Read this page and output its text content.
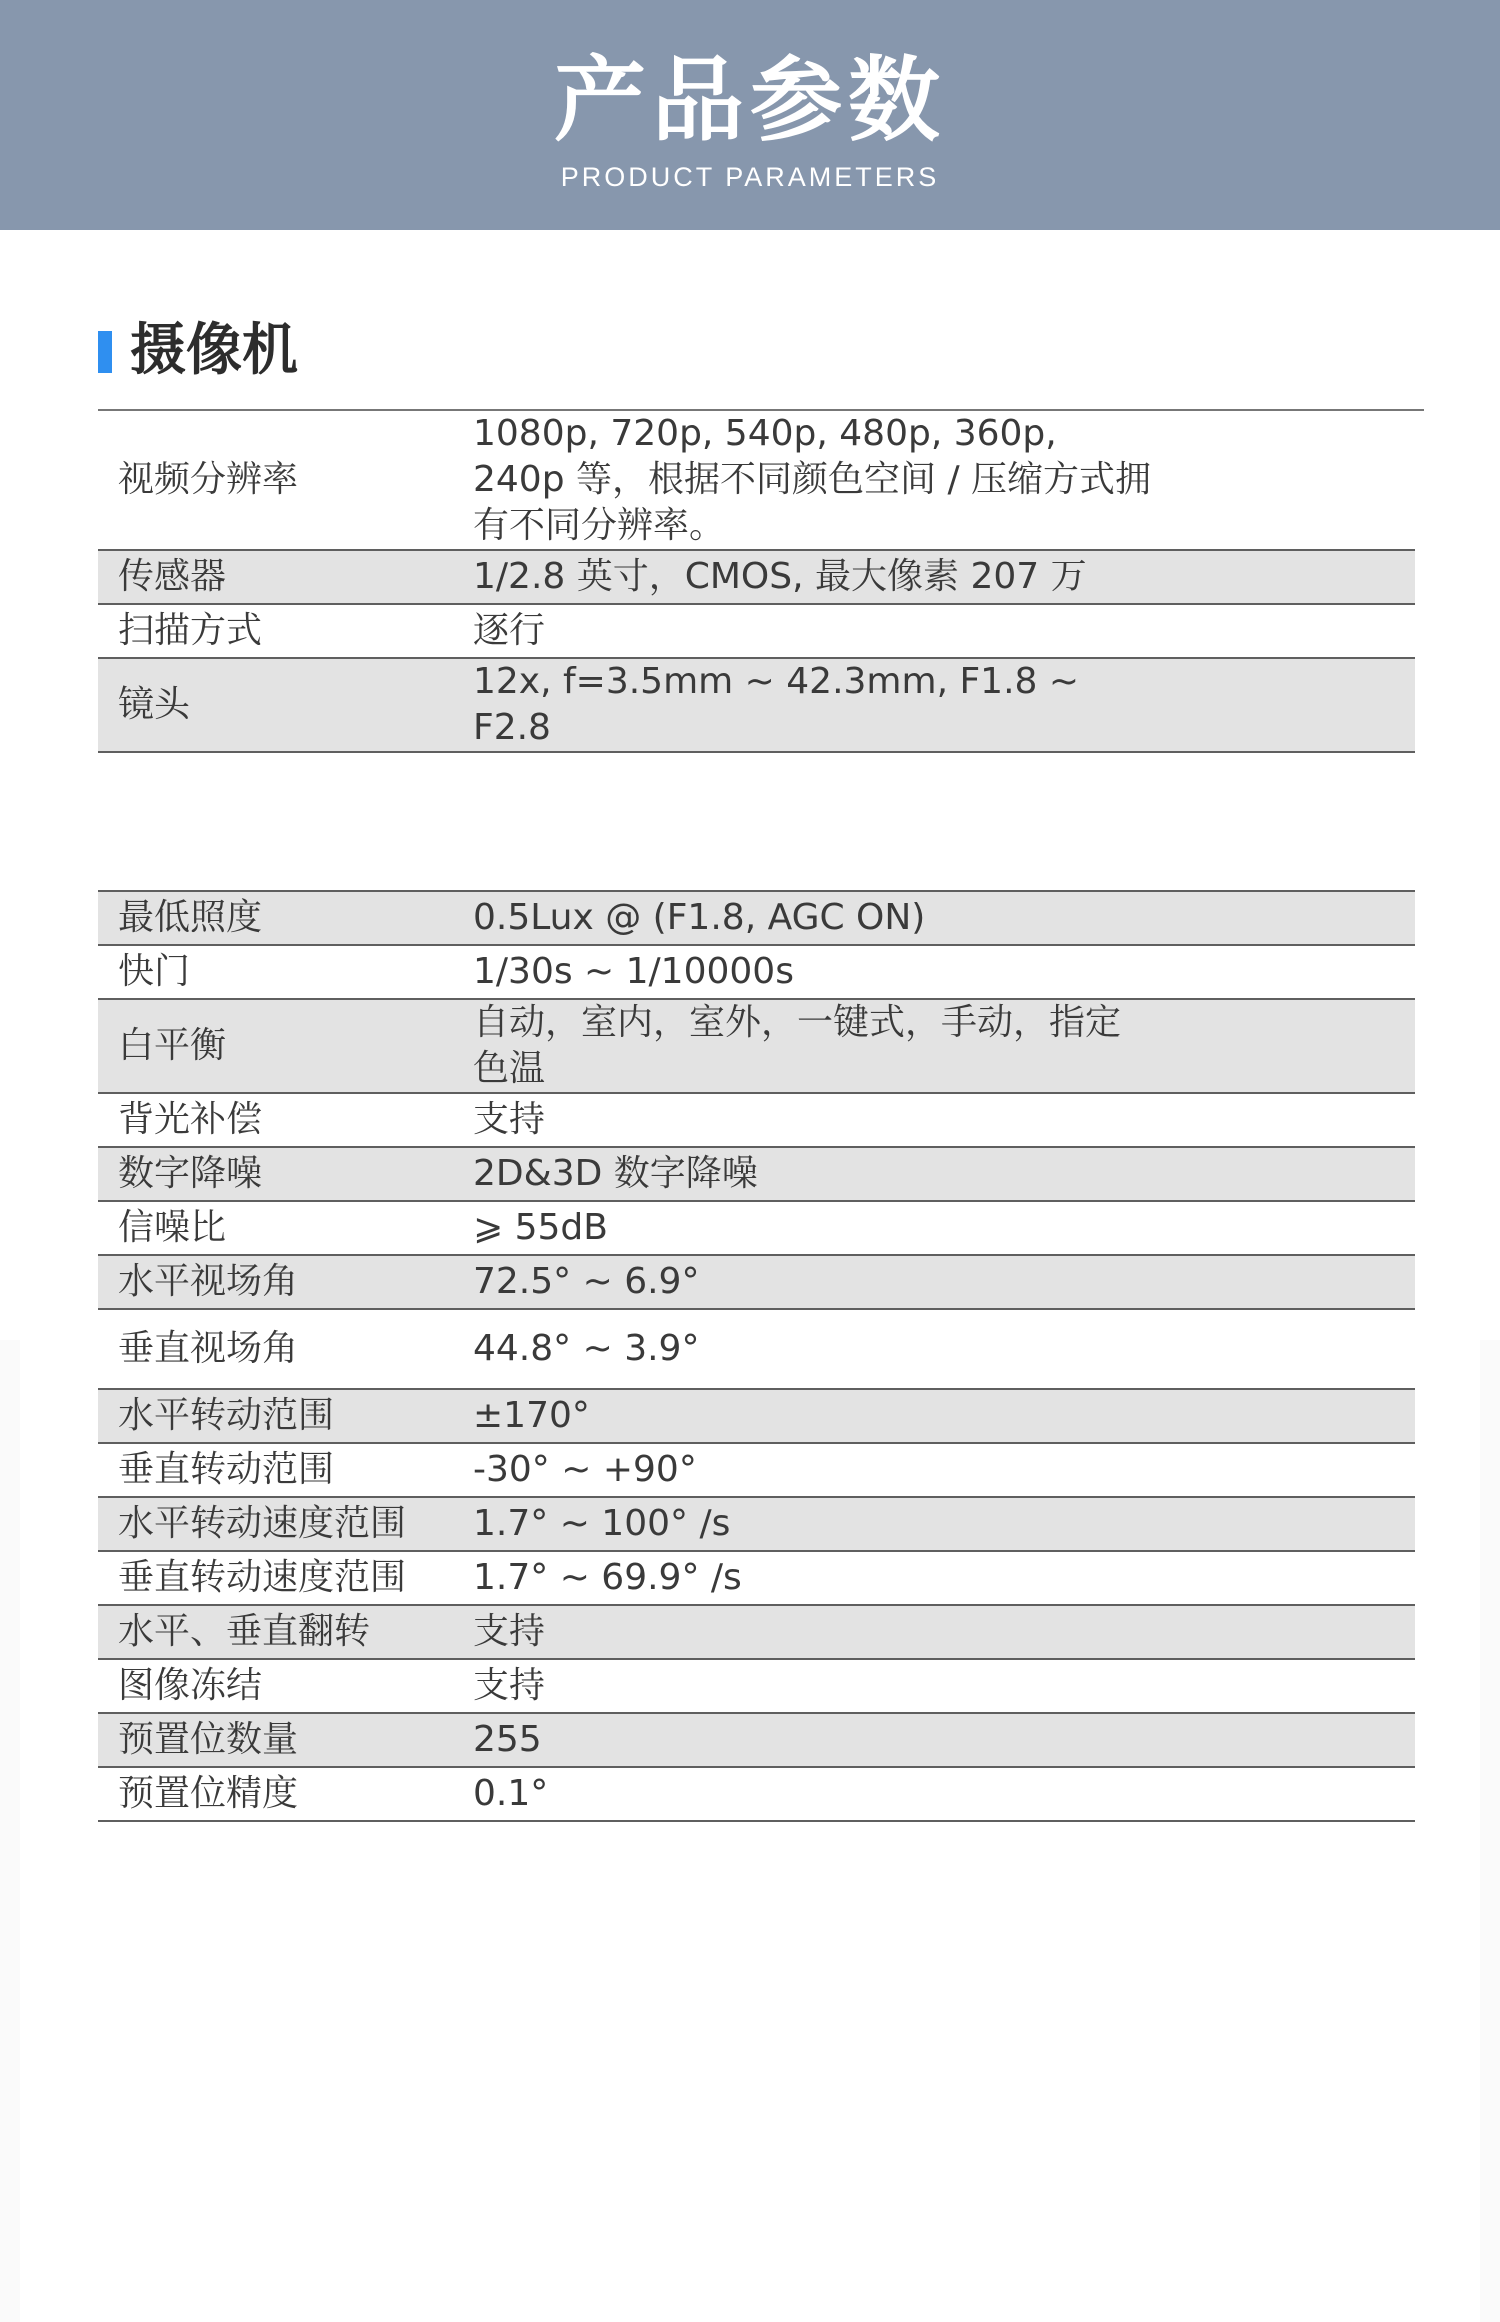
产品参数
PRODUCT PARAMETERS
摄像机
视频分辨率	1080p, 720p, 540p, 480p, 360p, 240p 等，根据不同颜色空间 / 压缩方式拥有不同分辨率。
传感器	1/2.8 英寸，CMOS, 最大像素 207 万
扫描方式	逐行
镜头	12x, f=3.5mm ~ 42.3mm, F1.8 ~ F2.8
最低照度	0.5Lux @ (F1.8, AGC ON)
快门	1/30s ~ 1/10000s
白平衡	自动，室内，室外，一键式，手动，指定色温
背光补偿	支持
数字降噪	2D&3D 数字降噪
信噪比	⩾ 55dB
水平视场角	72.5° ~ 6.9°
垂直视场角	44.8° ~ 3.9°
水平转动范围	±170°
垂直转动范围	-30° ~ +90°
水平转动速度范围	1.7° ~ 100° /s
垂直转动速度范围	1.7° ~ 69.9° /s
水平、垂直翻转	支持
图像冻结	支持
预置位数量	255
预置位精度	0.1°
